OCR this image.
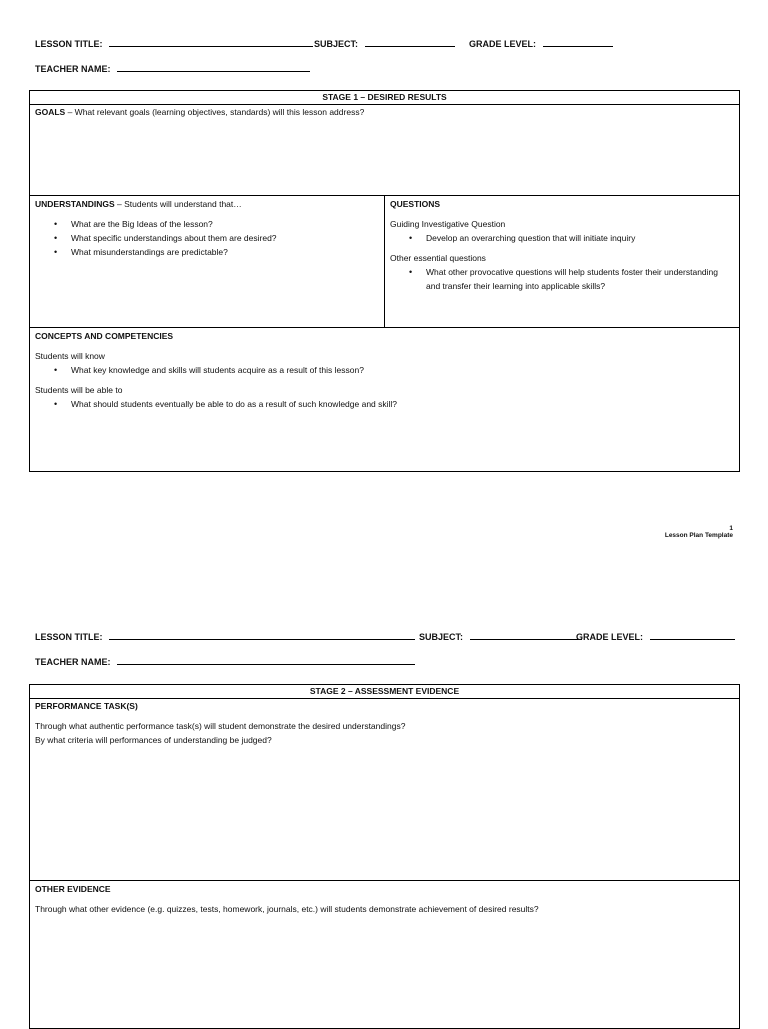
LESSON TITLE:	SUBJECT:	GRADE LEVEL:
TEACHER NAME:
STAGE 1 – DESIRED RESULTS
GOALS – What relevant goals (learning objectives, standards) will this lesson address?
UNDERSTANDINGS – Students will understand that…
• What are the Big Ideas of the lesson?
• What specific understandings about them are desired?
• What misunderstandings are predictable?
QUESTIONS
Guiding Investigative Question
• Develop an overarching question that will initiate inquiry
Other essential questions
• What other provocative questions will help students foster their understanding and transfer their learning into applicable skills?
CONCEPTS AND COMPETENCIES
Students will know
• What key knowledge and skills will students acquire as a result of this lesson?
Students will be able to
• What should students eventually be able to do as a result of such knowledge and skill?
1
Lesson Plan Template
LESSON TITLE:	SUBJECT:	GRADE LEVEL:
TEACHER NAME:
STAGE 2 – ASSESSMENT EVIDENCE
PERFORMANCE TASK(S)
Through what authentic performance task(s) will student demonstrate the desired understandings?
By what criteria will performances of understanding be judged?
OTHER EVIDENCE
Through what other evidence (e.g. quizzes, tests, homework, journals, etc.) will students demonstrate achievement of desired results?
